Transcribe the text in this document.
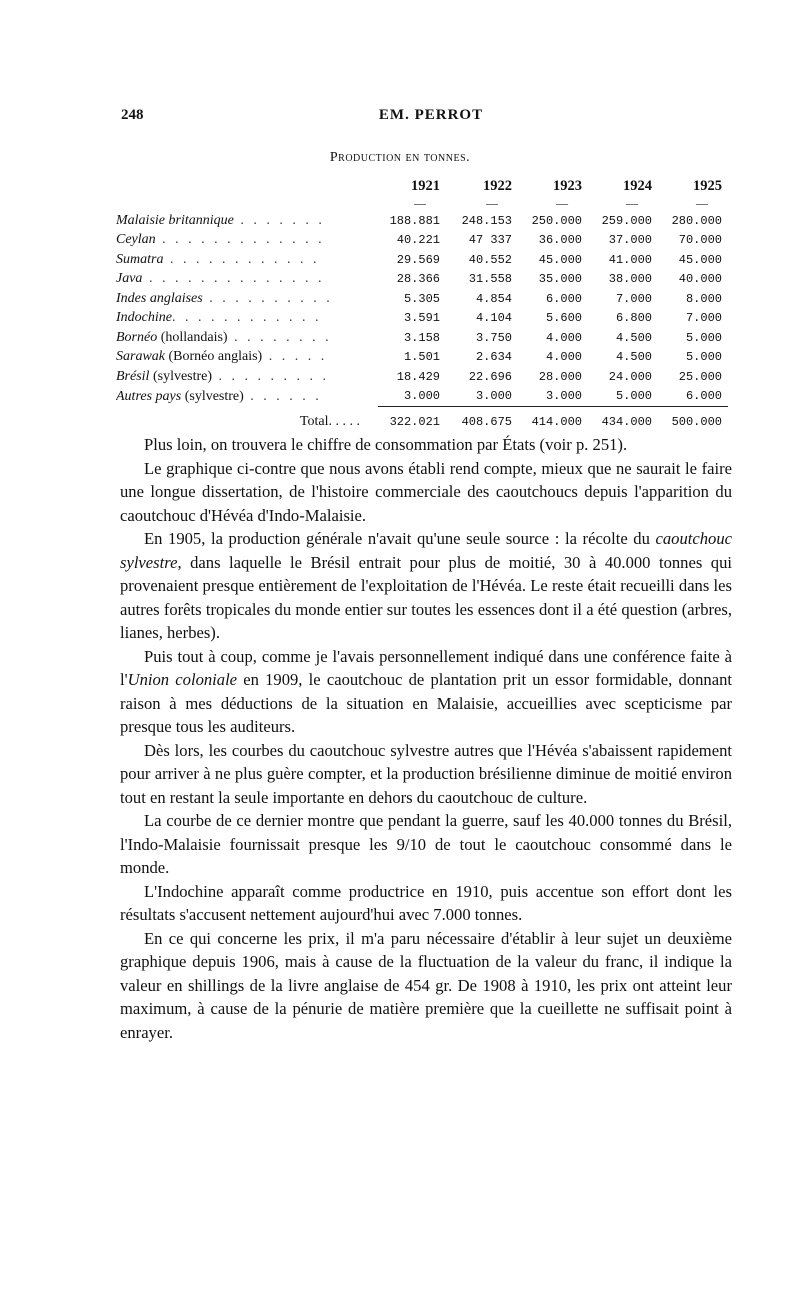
248	EM. PERROT
Production en tonnes.
	1921	1922	1923	1924	1925
	—	—	—	—	—
Malaisie britannique . . . . . . .	188.881	248.153	250.000	259.000	280.000
Ceylan . . . . . . . . . . . . .	40.221	47 337	36.000	37.000	70.000
Sumatra . . . . . . . . . . . .	29.569	40.552	45.000	41.000	45.000
Java . . . . . . . . . . . . . .	28.366	31.558	35.000	38.000	40.000
Indes anglaises . . . . . . . . . .	5.305	4.854	6.000	7.000	8.000
Indochine. . . . . . . . . . . .	3.591	4.104	5.600	6.800	7.000
Bornéo (hollandais) . . . . . . . .	3.158	3.750	4.000	4.500	5.000
Sarawak (Bornéo anglais) . . . . .	1.501	2.634	4.000	4.500	5.000
Brésil (sylvestre) . . . . . . . . .	18.429	22.696	28.000	24.000	25.000
Autres pays (sylvestre) . . . . . .	3.000	3.000	3.000	5.000	6.000
Total. . . . .	322.021	408.675	414.000	434.000	500.000

Plus loin, on trouvera le chiffre de consommation par États (voir p. 251).

Le graphique ci-contre que nous avons établi rend compte, mieux que ne saurait le faire une longue dissertation, de l'histoire commerciale des caoutchoucs depuis l'apparition du caoutchouc d'Hévéa d'Indo-Malaisie.

En 1905, la production générale n'avait qu'une seule source : la récolte du caoutchouc sylvestre, dans laquelle le Brésil entrait pour plus de moitié, 30 à 40.000 tonnes qui provenaient presque entièrement de l'exploitation de l'Hévéa. Le reste était recueilli dans les autres forêts tropicales du monde entier sur toutes les essences dont il a été question (arbres, lianes, herbes).

Puis tout à coup, comme je l'avais personnellement indiqué dans une conférence faite à l'Union coloniale en 1909, le caoutchouc de plantation prit un essor formidable, donnant raison à mes déductions de la situation en Malaisie, accueillies avec scepticisme par presque tous les auditeurs.

Dès lors, les courbes du caoutchouc sylvestre autres que l'Hévéa s'abaissent rapidement pour arriver à ne plus guère compter, et la production brésilienne diminue de moitié environ tout en restant la seule importante en dehors du caoutchouc de culture.

La courbe de ce dernier montre que pendant la guerre, sauf les 40.000 tonnes du Brésil, l'Indo-Malaisie fournissait presque les 9/10 de tout le caoutchouc consommé dans le monde.

L'Indochine apparaît comme productrice en 1910, puis accentue son effort dont les résultats s'accusent nettement aujourd'hui avec 7.000 tonnes.

En ce qui concerne les prix, il m'a paru nécessaire d'établir à leur sujet un deuxième graphique depuis 1906, mais à cause de la fluctuation de la valeur du franc, il indique la valeur en shillings de la livre anglaise de 454 gr. De 1908 à 1910, les prix ont atteint leur maximum, à cause de la pénurie de matière première que la cueillette ne suffisait point à enrayer.
